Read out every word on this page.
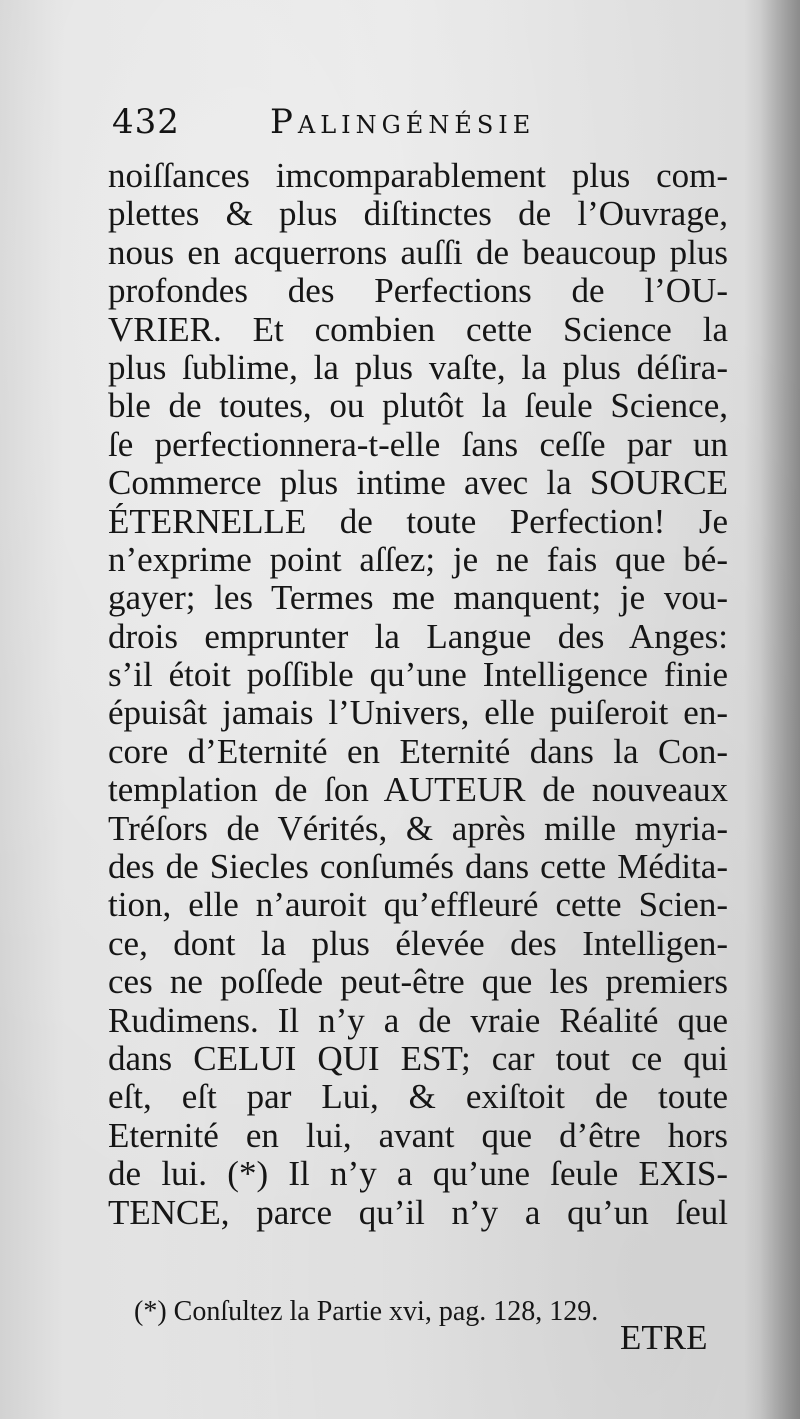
432	Palingénésie
noiſſances imcomparablement plus com-
plettes & plus diſtinctes de l’Ouvrage,
nous en acquerrons auſſi de beaucoup plus
profondes des Perfections de l’OU-
VRIER. Et combien cette Science la
plus ſublime, la plus vaſte, la plus déſira-
ble de toutes, ou plutôt la ſeule Science,
ſe perfectionnera-t-elle ſans ceſſe par un
Commerce plus intime avec la SOURCE
ÉTERNELLE de toute Perfection! Je
n’exprime point aſſez; je ne fais que bé-
gayer; les Termes me manquent; je vou-
drois emprunter la Langue des Anges:
s’il étoit poſſible qu’une Intelligence finie
épuisât jamais l’Univers, elle puiſeroit en-
core d’Eternité en Eternité dans la Con-
templation de ſon AUTEUR de nouveaux
Tréſors de Vérités, & après mille myria-
des de Siecles conſumés dans cette Médita-
tion, elle n’auroit qu’effleuré cette Scien-
ce, dont la plus élevée des Intelligen-
ces ne poſſede peut-être que les premiers
Rudimens. Il n’y a de vraie Réalité que
dans CELUI QUI EST; car tout ce qui
eſt, eſt par Lui, & exiſtoit de toute
Eternité en lui, avant que d’être hors
de lui. (*) Il n’y a qu’une ſeule EXIS-
TENCE, parce qu’il n’y a qu’un ſeul
(*) Conſultez la Partie xvi, pag. 128, 129.
ETRE
